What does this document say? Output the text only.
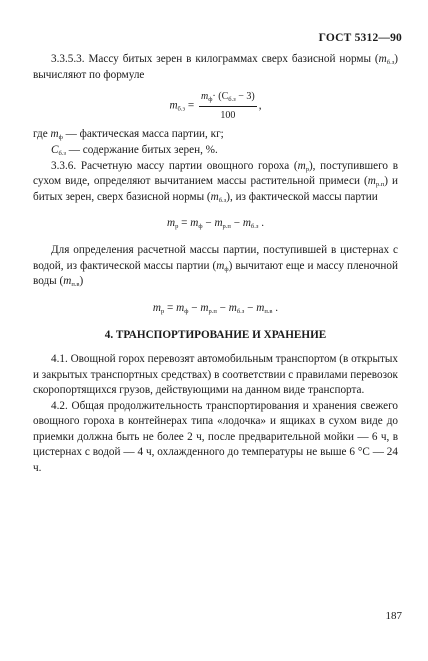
ГОСТ 5312—90

3.3.5.3. Массу битых зерен в килограммах сверх базисной нормы $(m_{б.з})$ вычисляют по формуле

$m_{б.з} = \frac{m_ф\cdot (C_{б.з} - 3)}{100}$ ,

где $m_ф$ — фактическая масса партии, кг;

$C_{б.з}$ — содержание битых зерен, %.

3.3.6. Расчетную массу партии овощного гороха $(m_р)$, поступившего в сухом виде, определяют вычитанием массы растительной примеси $(m_{р.п})$ и битых зерен, сверх базисной нормы $(m_{б.з})$, из фактической массы партии

$m_р = m_ф - m_{р.п} - m_{б.з}$ .

Для определения расчетной массы партии, поступившей в цистернах с водой, из фактической массы партии $(m_ф)$ вычитают еще и массу пленочной воды $(m_{п.в})$

$m_р = m_ф - m_{р.п} - m_{б.з} - m_{п.в}$ .

4. ТРАНСПОРТИРОВАНИЕ И ХРАНЕНИЕ

4.1. Овощной горох перевозят автомобильным транспортом (в открытых и закрытых транспортных средствах) в соответствии с правилами перевозок скоропортящихся грузов, действующими на данном виде транспорта.

4.2. Общая продолжительность транспортирования и хранения свежего овощного гороха в контейнерах типа «лодочка» и ящиках в сухом виде до приемки должна быть не более 2 ч, после предварительной мойки — 6 ч, в цистернах с водой — 4 ч, охлажденного до температуры не выше 6 °С — 24 ч.

187
